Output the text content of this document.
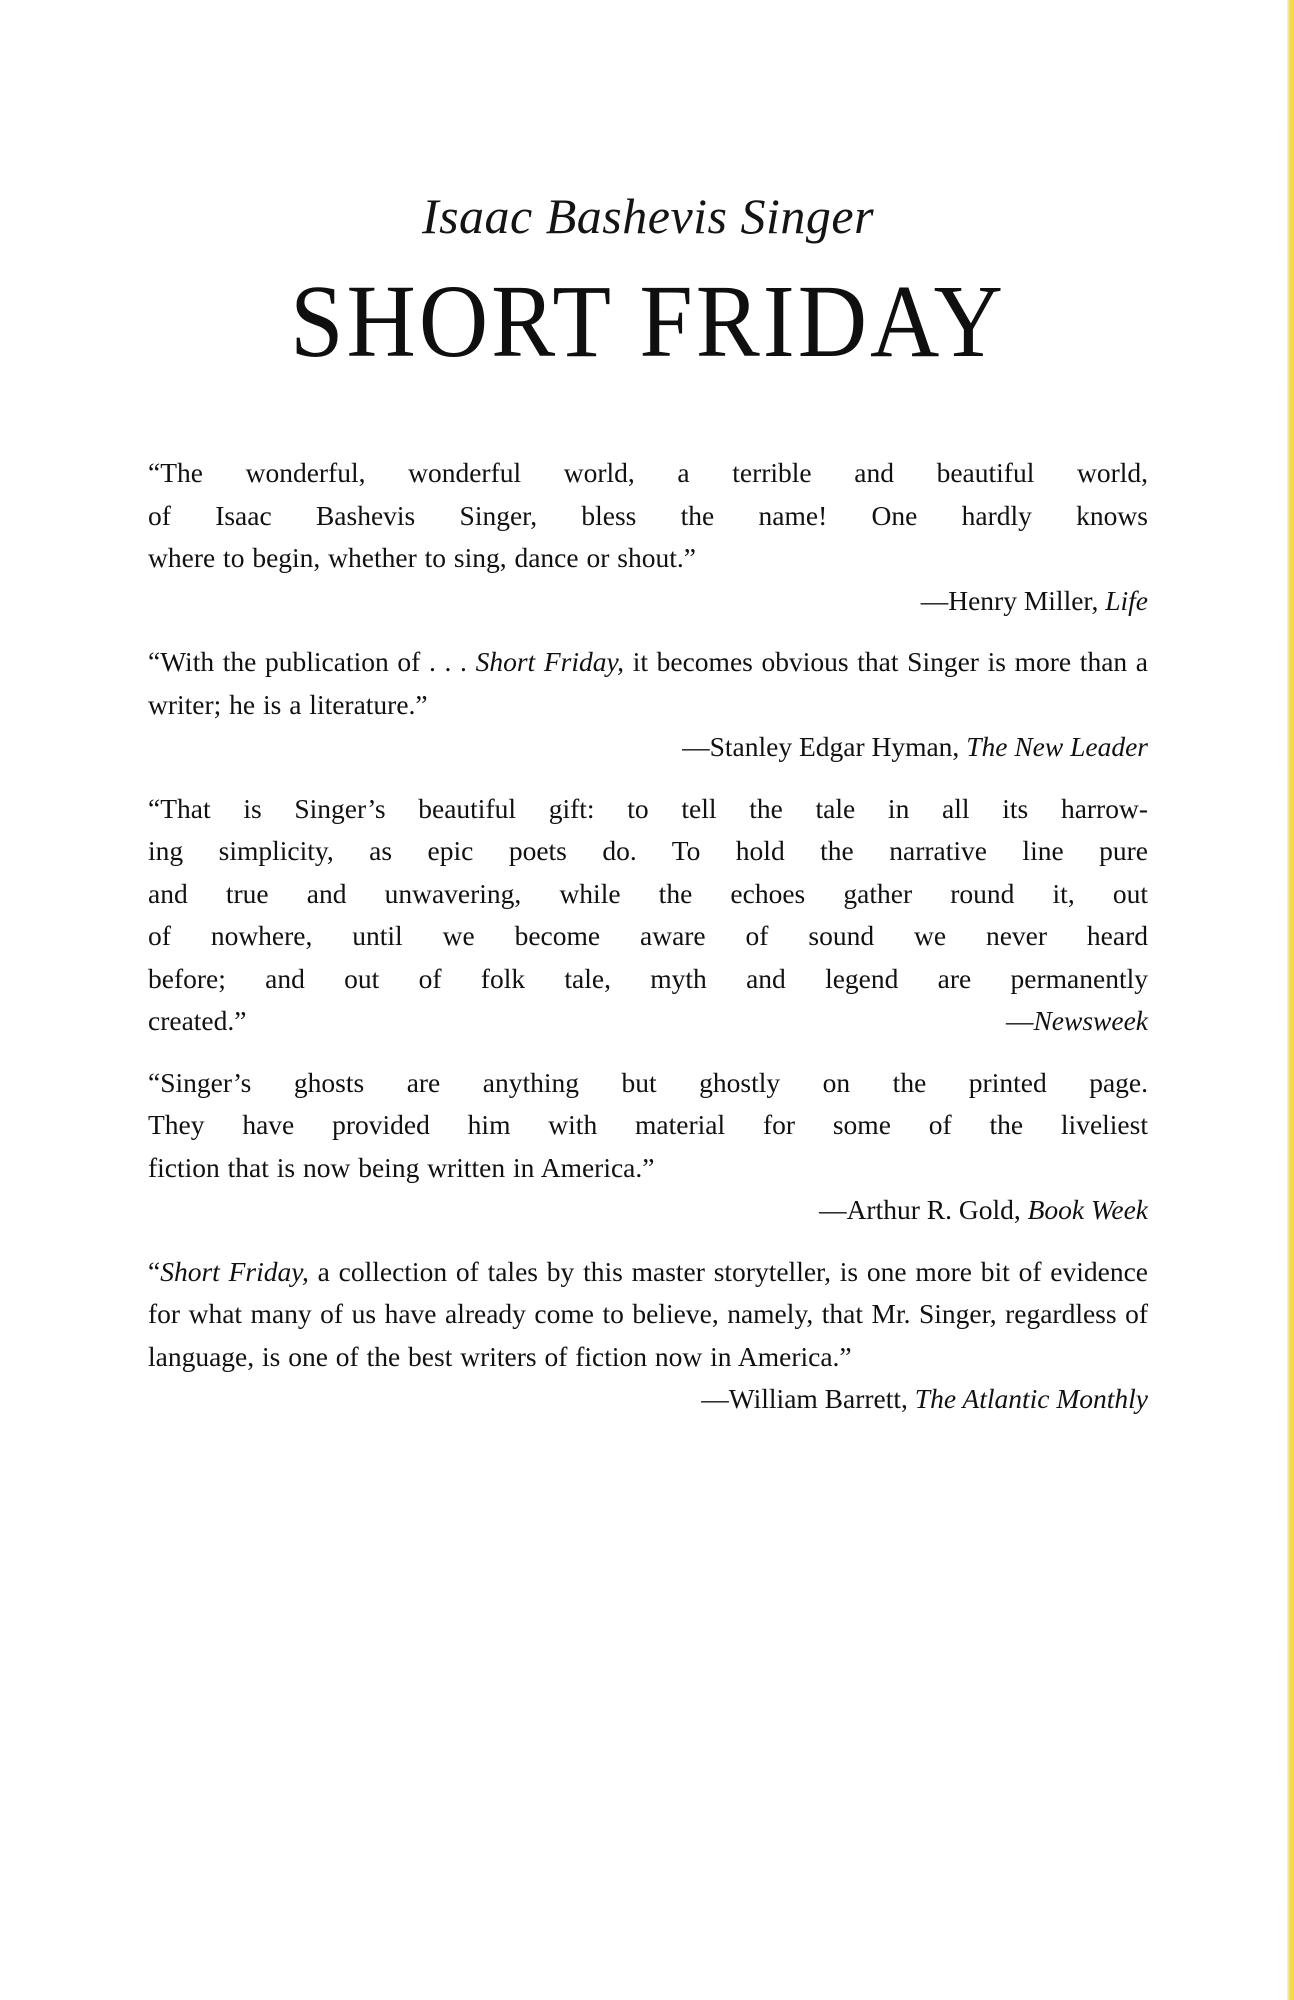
Isaac Bashevis Singer
SHORT FRIDAY
“The wonderful, wonderful world, a terrible and beautiful world,
of Isaac Bashevis Singer, bless the name! One hardly knows
where to begin, whether to sing, dance or shout.”
—Henry Miller, Life
“With the publication of . . . Short Friday, it becomes obvious that Singer is more than a writer; he is a literature.”
—Stanley Edgar Hyman, The New Leader
“That is Singer’s beautiful gift: to tell the tale in all its harrow-
ing simplicity, as epic poets do. To hold the narrative line pure
and true and unwavering, while the echoes gather round it, out
of nowhere, until we become aware of sound we never heard
before; and out of folk tale, myth and legend are permanently
created.”	—Newsweek
“Singer’s ghosts are anything but ghostly on the printed page.
They have provided him with material for some of the liveliest
fiction that is now being written in America.”
—Arthur R. Gold, Book Week
“Short Friday, a collection of tales by this master storyteller, is one more bit of evidence for what many of us have already come to believe, namely, that Mr. Singer, regardless of language, is one of the best writers of fiction now in America.”
—William Barrett, The Atlantic Monthly
